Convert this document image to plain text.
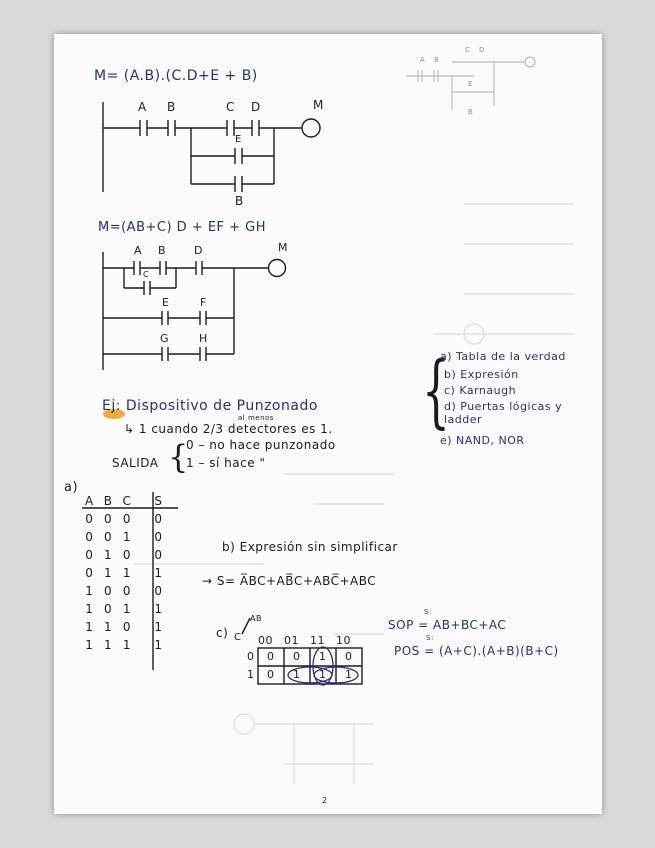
M= (A.B).(C.D+E + B)
A B	C D
E
B
M
A B
C D
E
B
M=(AB+C) D + EF + GH
A B	D
C
E	F
G	H
M
Ej: Dispositivo de Punzonado
al menos
↳ 1 cuando 2/3 detectores es 1.
SALIDA {
0 – no hace punzonado
1 – sí hace "
{
a) Tabla de la verdad
b) Expresión
c) Karnaugh
d) Puertas lógicas y ladder
e) NAND, NOR
a)
A	B	C	S
0	0	0	0
0	0	1	0
0	1	0	0
0	1	1	1
1	0	0	0
1	0	1	1
1	1	0	1
1	1	1	1
b) Expresión sin simplificar
→ S= A̅BC+AB̅C+ABC̅+ABC
c)
AB
C 00 01 11 10
0
1
0 0 1 0
0 1 1 1
S:
SOP = AB+BC+AC
S:
POS = (A+C).(A+B)(B+C)
2
